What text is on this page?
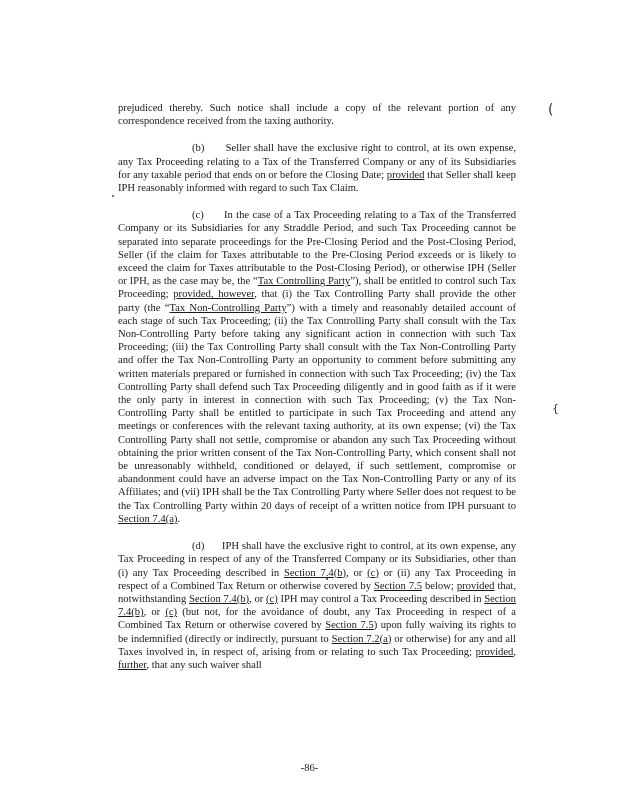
(
{

prejudiced thereby. Such notice shall include a copy of the relevant portion of any correspondence received from the taxing authority.

(b)      Seller shall have the exclusive right to control, at its own expense, any Tax Proceeding relating to a Tax of the Transferred Company or any of its Subsidiaries for any taxable period that ends on or before the Closing Date; provided that Seller shall keep IPH reasonably informed with regard to such Tax Claim.

(c)      In the case of a Tax Proceeding relating to a Tax of the Transferred Company or its Subsidiaries for any Straddle Period, and such Tax Proceeding cannot be separated into separate proceedings for the Pre-Closing Period and the Post-Closing Period, Seller (if the claim for Taxes attributable to the Pre-Closing Period exceeds or is likely to exceed the claim for Taxes attributable to the Post-Closing Period), or otherwise IPH (Seller or IPH, as the case may be, the “Tax Controlling Party”), shall be entitled to control such Tax Proceeding; provided, however, that (i) the Tax Controlling Party shall provide the other party (the “Tax Non-Controlling Party”) with a timely and reasonably detailed account of each stage of such Tax Proceeding; (ii) the Tax Controlling Party shall consult with the Tax Non-Controlling Party before taking any significant action in connection with such Tax Proceeding; (iii) the Tax Controlling Party shall consult with the Tax Non-Controlling Party and offer the Tax Non-Controlling Party an opportunity to comment before submitting any written materials prepared or furnished in connection with such Tax Proceeding; (iv) the Tax Controlling Party shall defend such Tax Proceeding diligently and in good faith as if it were the only party in interest in connection with such Tax Proceeding; (v) the Tax Non-Controlling Party shall be entitled to participate in such Tax Proceeding and attend any meetings or conferences with the relevant taxing authority, at its own expense; (vi) the Tax Controlling Party shall not settle, compromise or abandon any such Tax Proceeding without obtaining the prior written consent of the Tax Non-Controlling Party, which consent shall not be unreasonably withheld, conditioned or delayed, if such settlement, compromise or abandonment could have an adverse impact on the Tax Non-Controlling Party or any of its Affiliates; and (vii) IPH shall be the Tax Controlling Party where Seller does not request to be the Tax Controlling Party within 20 days of receipt of a written notice from IPH pursuant to Section 7.4(a).

(d)      IPH shall have the exclusive right to control, at its own expense, any Tax Proceeding in respect of any of the Transferred Company or its Subsidiaries, other than (i) any Tax Proceeding described in Section 7.4(b), or (c) or (ii) any Tax Proceeding in respect of a Combined Tax Return or otherwise covered by Section 7.5 below; provided that, notwithstanding Section 7.4(b), or (c) IPH may control a Tax Proceeding described in Section 7.4(b), or (c) (but not, for the avoidance of doubt, any Tax Proceeding in respect of a Combined Tax Return or otherwise covered by Section 7.5) upon fully waiving its rights to be indemnified (directly or indirectly, pursuant to Section 7.2(a) or otherwise) for any and all Taxes involved in, in respect of, arising from or relating to such Tax Proceeding; provided, further, that any such waiver shall

-86-
